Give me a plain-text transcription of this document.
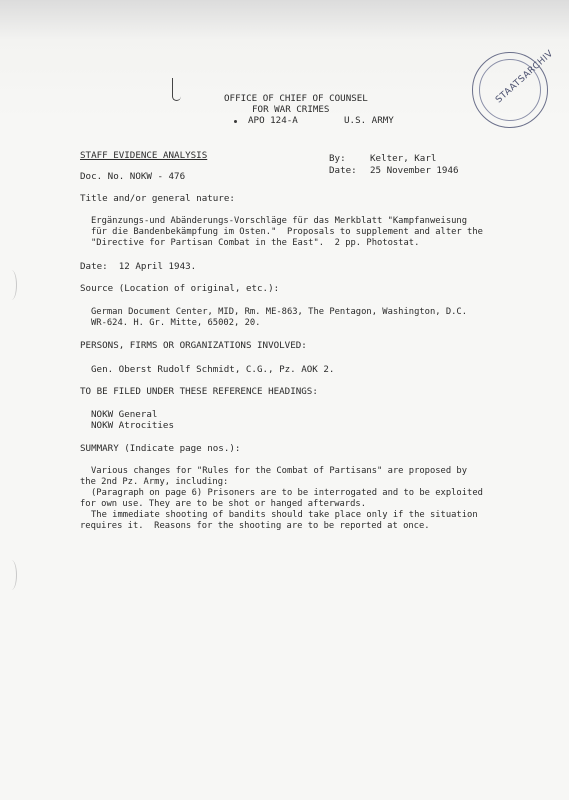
STAATSARCHIV
OFFICE OF CHIEF OF COUNSEL
FOR WAR CRIMES
APO 124-A	U.S. ARMY
STAFF EVIDENCE ANALYSIS	By:	Kelter, Karl
Date: 25 November 1946
Doc. No. NOKW - 476
Title and/or general nature:
Ergänzungs-und Abänderungs-Vorschläge für das Merkblatt "Kampfanweisung
für die Bandenbekämpfung im Osten."  Proposals to supplement and alter the
"Directive for Partisan Combat in the East".  2 pp. Photostat.
Date:  12 April 1943.
Source (Location of original, etc.):
German Document Center, MID, Rm. ME-863, The Pentagon, Washington, D.C.
WR-624. H. Gr. Mitte, 65002, 20.
PERSONS, FIRMS OR ORGANIZATIONS INVOLVED:
Gen. Oberst Rudolf Schmidt, C.G., Pz. AOK 2.
TO BE FILED UNDER THESE REFERENCE HEADINGS:
NOKW General
NOKW Atrocities
SUMMARY (Indicate page nos.):
Various changes for "Rules for the Combat of Partisans" are proposed by
the 2nd Pz. Army, including:
(Paragraph on page 6) Prisoners are to be interrogated and to be exploited
for own use. They are to be shot or hanged afterwards.
The immediate shooting of bandits should take place only if the situation
requires it.  Reasons for the shooting are to be reported at once.
